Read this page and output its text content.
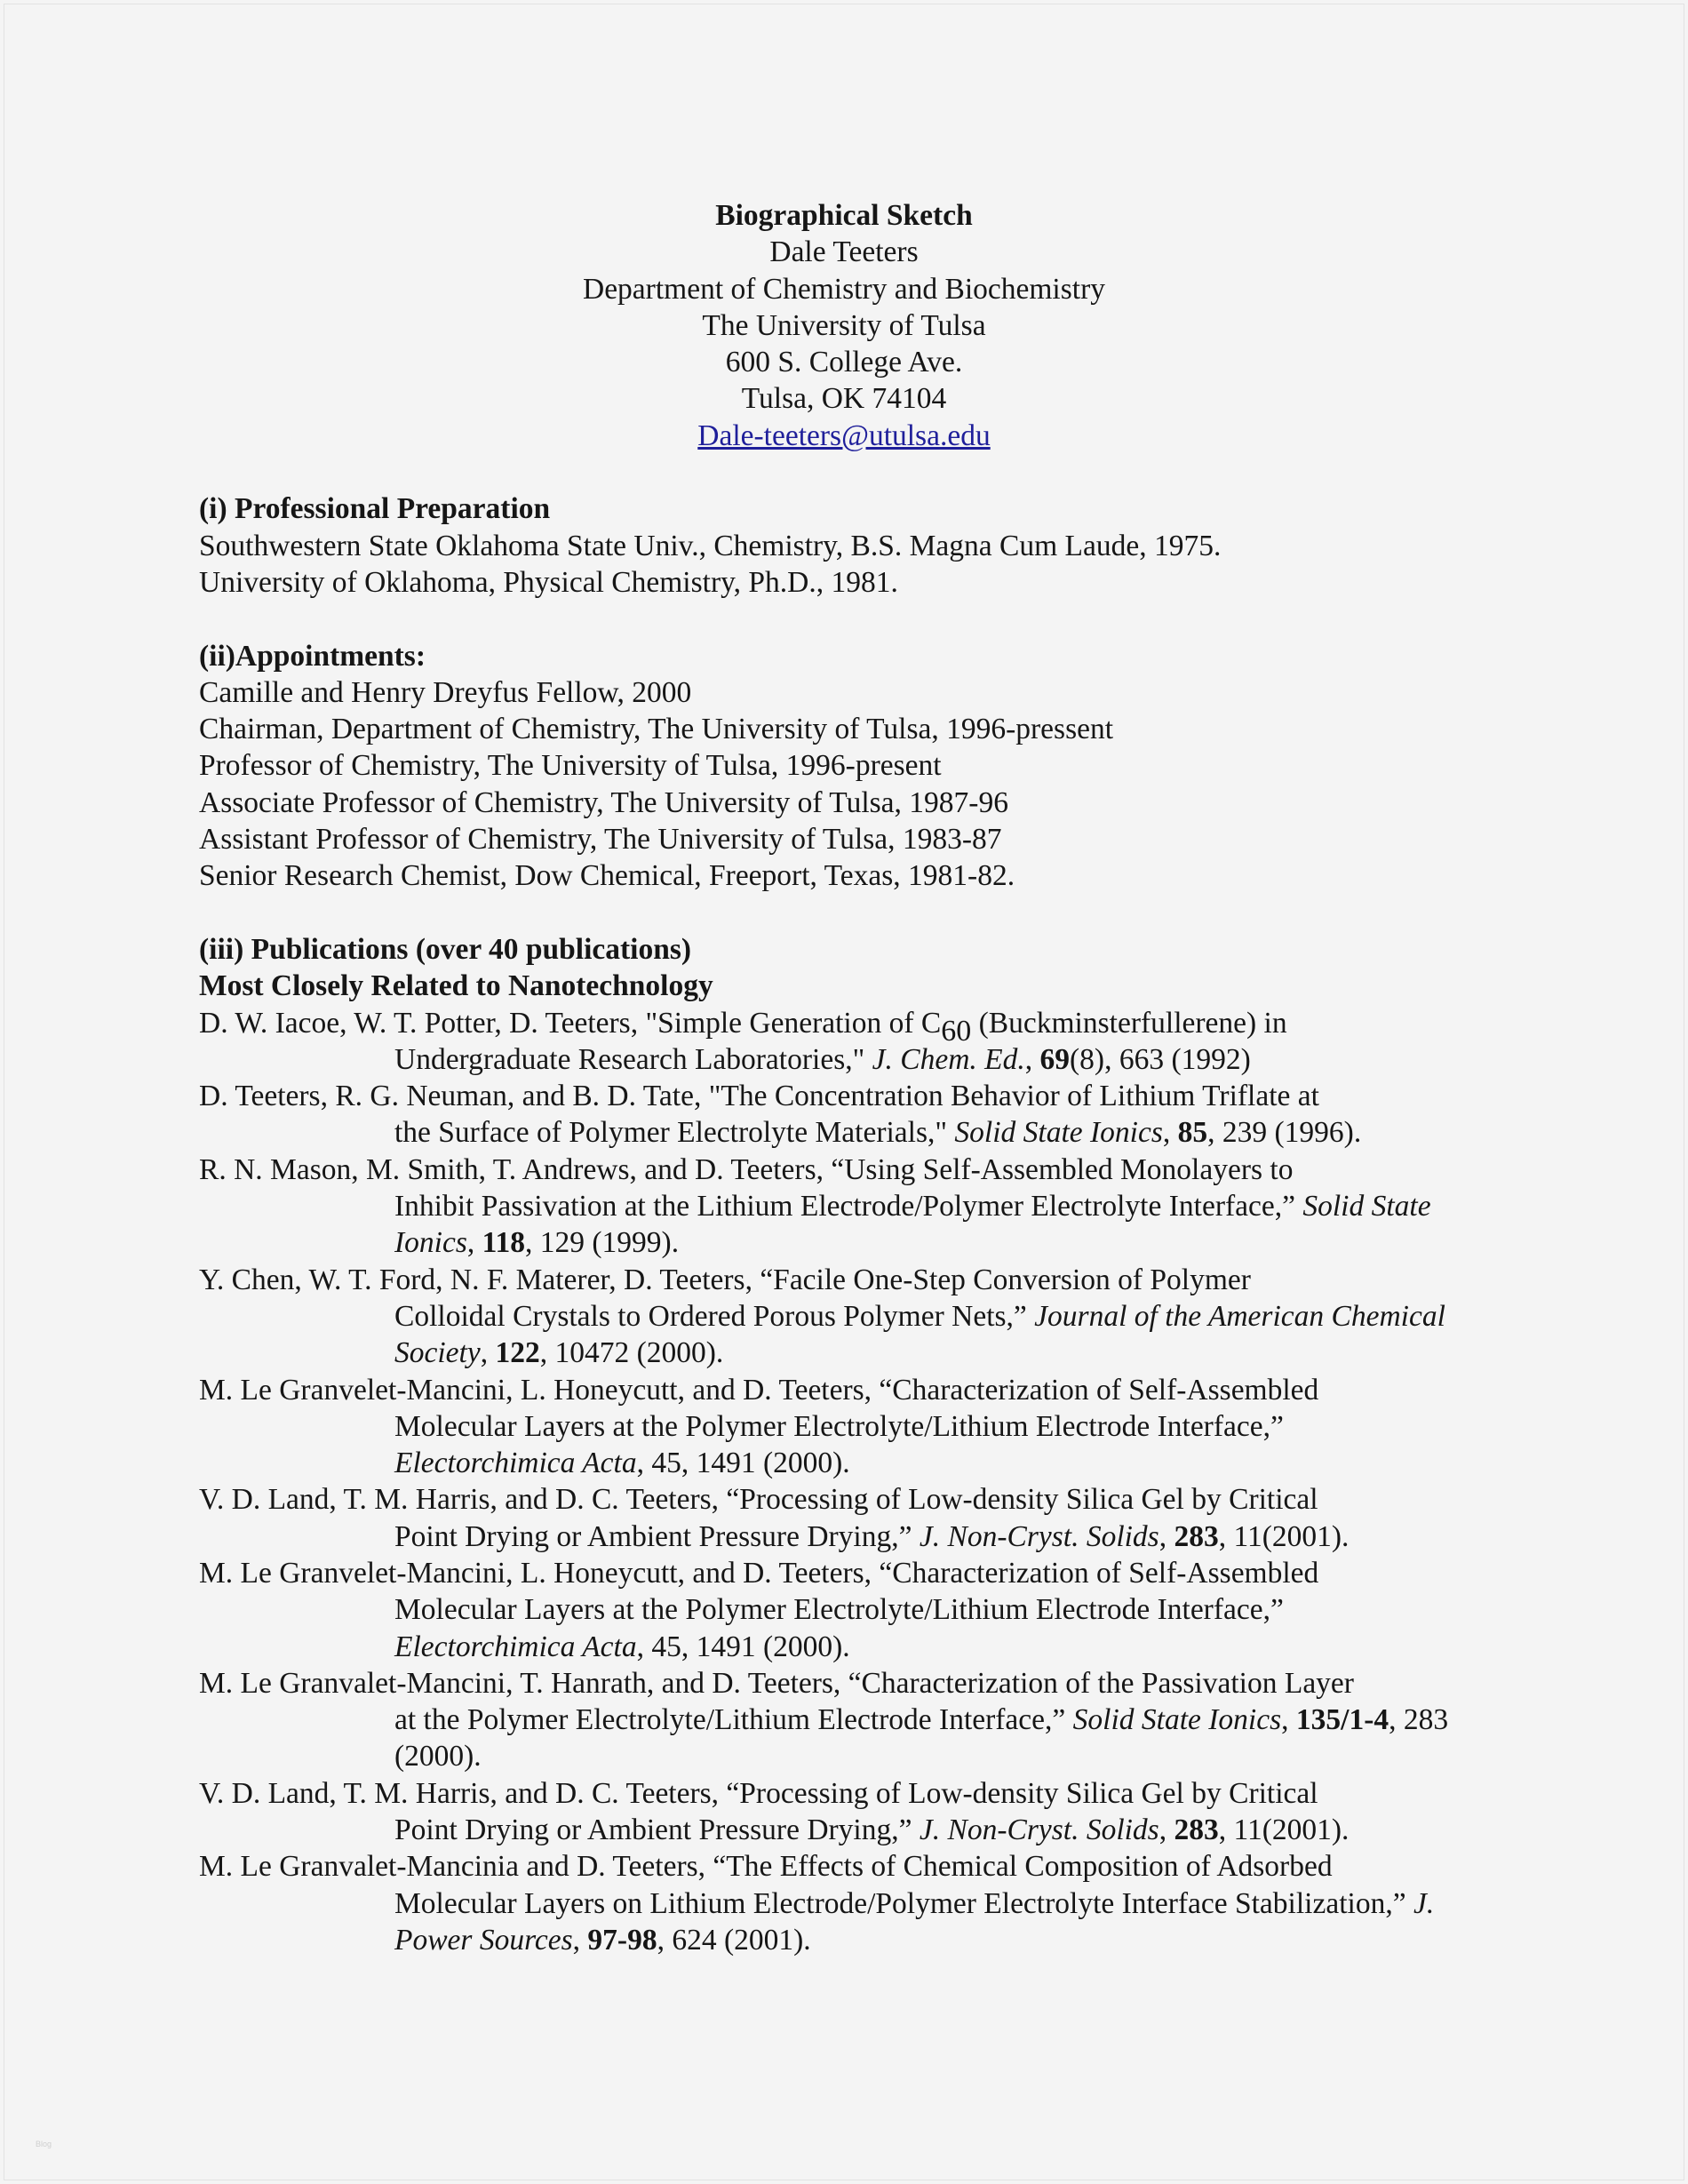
Biographical Sketch
Dale Teeters
Department of Chemistry and Biochemistry
The University of Tulsa
600 S. College Ave.
Tulsa, OK 74104
Dale-teeters@utulsa.edu
(i) Professional Preparation
Southwestern State Oklahoma State Univ., Chemistry, B.S. Magna Cum Laude, 1975.
University of Oklahoma, Physical Chemistry, Ph.D., 1981.
(ii)Appointments:
Camille and Henry Dreyfus Fellow, 2000
Chairman, Department of Chemistry, The University of Tulsa, 1996-pressent
Professor of Chemistry, The University of Tulsa, 1996-present
Associate Professor of Chemistry, The University of Tulsa, 1987-96
Assistant Professor of Chemistry, The University of Tulsa, 1983-87
Senior Research Chemist, Dow Chemical, Freeport, Texas, 1981-82.
(iii) Publications (over 40 publications)
Most Closely Related to Nanotechnology
D. W. Iacoe, W. T. Potter, D. Teeters, "Simple Generation of $C_{60}$ (Buckminsterfullerene) in
Undergraduate Research Laboratories," J. Chem. Ed., 69(8), 663 (1992)
D. Teeters, R. G. Neuman, and B. D. Tate, "The Concentration Behavior of Lithium Triflate at
the Surface of Polymer Electrolyte Materials," Solid State Ionics, 85, 239 (1996).
R. N. Mason, M. Smith, T. Andrews, and D. Teeters, “Using Self-Assembled Monolayers to
Inhibit Passivation at the Lithium Electrode/Polymer Electrolyte Interface,” Solid State
Ionics, 118, 129 (1999).
Y. Chen, W. T. Ford, N. F. Materer, D. Teeters, “Facile One-Step Conversion of Polymer
Colloidal Crystals to Ordered Porous Polymer Nets,” Journal of the American Chemical
Society, 122, 10472 (2000).
M. Le Granvelet-Mancini, L. Honeycutt, and D. Teeters, “Characterization of Self-Assembled
Molecular Layers at the Polymer Electrolyte/Lithium Electrode Interface,”
Electorchimica Acta, 45, 1491 (2000).
V. D. Land, T. M. Harris, and D. C. Teeters, “Processing of Low-density Silica Gel by Critical
Point Drying or Ambient Pressure Drying,” J. Non-Cryst. Solids, 283, 11(2001).
M. Le Granvelet-Mancini, L. Honeycutt, and D. Teeters, “Characterization of Self-Assembled
Molecular Layers at the Polymer Electrolyte/Lithium Electrode Interface,”
Electorchimica Acta, 45, 1491 (2000).
M. Le Granvalet-Mancini, T. Hanrath, and D. Teeters, “Characterization of the Passivation Layer
at the Polymer Electrolyte/Lithium Electrode Interface,” Solid State Ionics, 135/1-4, 283
(2000).
V. D. Land, T. M. Harris, and D. C. Teeters, “Processing of Low-density Silica Gel by Critical
Point Drying or Ambient Pressure Drying,” J. Non-Cryst. Solids, 283, 11(2001).
M. Le Granvalet-Mancinia and D. Teeters, “The Effects of Chemical Composition of Adsorbed
Molecular Layers on Lithium Electrode/Polymer Electrolyte Interface Stabilization,” J.
Power Sources, 97-98, 624 (2001).
Blog
